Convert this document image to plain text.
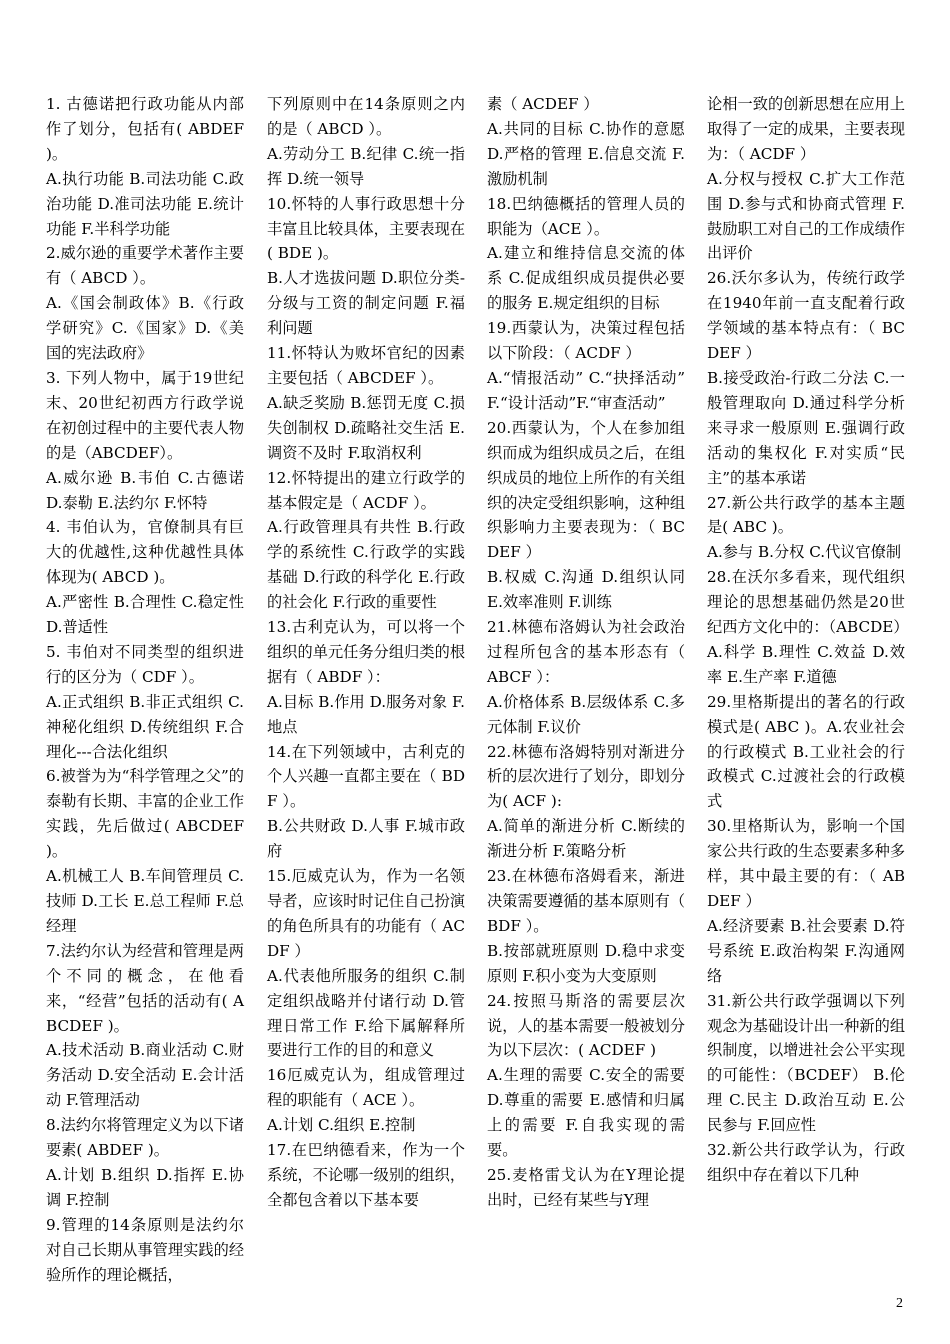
1. 古德诺把行政功能从内部作了划分，包括有( ABDEF )。

A.执行功能 B.司法功能 C.政治功能 D.准司法功能 E.统计功能 F.半科学功能

2.威尔逊的重要学术著作主要有（ ABCD ）。

A.《国会制政体》B.《行政学研究》C.《国家》D.《美国的宪法政府》

3. 下列人物中，属于19世纪末、20世纪初西方行政学说在初创过程中的主要代表人物的是（ABCDEF）。

A.威尔逊 B.韦伯 C.古德诺 D.泰勒 E.法约尔 F.怀特

4. 韦伯认为，官僚制具有巨大的优越性,这种优越性具体体现为( ABCD )。

A.严密性 B.合理性 C.稳定性 D.普适性

5. 韦伯对不同类型的组织进行的区分为（ CDF ）。

A.正式组织 B.非正式组织 C.神秘化组织 D.传统组织 F.合理化---合法化组织

6.被誉为为“科学管理之父”的泰勒有长期、丰富的企业工作实践，先后做过( ABCDEF )。

A.机械工人 B.车间管理员 C.技师 D.工长 E.总工程师 F.总经理

7.法约尔认为经营和管理是两个不同的概念，在他看来，“经营”包括的活动有( ABCDEF )。

A.技术活动 B.商业活动 C.财务活动 D.安全活动 E.会计活动 F.管理活动

8.法约尔将管理定义为以下诸要素( ABDEF )。

A.计划 B.组织 D.指挥 E.协调 F.控制

9.管理的14条原则是法约尔对自己长期从事管理实践的经验所作的理论概括，

下列原则中在14条原则之内的是（ ABCD ）。

A.劳动分工 B.纪律 C.统一指挥 D.统一领导

10.怀特的人事行政思想十分丰富且比较具体，主要表现在( BDE )。

B.人才选拔问题 D.职位分类-分级与工资的制定问题 F.福利问题

11.怀特认为败坏官纪的因素主要包括（ ABCDEF ）。

A.缺乏奖励 B.惩罚无度 C.损失创制权 D.疏略社交生活 E.调资不及时 F.取消权利

12.怀特提出的建立行政学的基本假定是（ ACDF ）。

A.行政管理具有共性 B.行政学的系统性 C.行政学的实践基础 D.行政的科学化 E.行政的社会化 F.行政的重要性

13.古利克认为，可以将一个组织的单元任务分组归类的根据有（ ABDF ）：

A.目标 B.作用 D.服务对象 F.地点

14.在下列领域中，古利克的个人兴趣一直都主要在（ BDF ）。

B.公共财政 D.人事 F.城市政府

15.厄威克认为，作为一名领导者，应该时时记住自己扮演的角色所具有的功能有（ ACDF ）

A.代表他所服务的组织 C.制定组织战略并付诸行动 D.管理日常工作 F.给下属解释所要进行工作的目的和意义

16厄威克认为，组成管理过程的职能有（ ACE ）。

A.计划 C.组织 E.控制

17.在巴纳德看来，作为一个系统，不论哪一级别的组织，全都包含着以下基本要

素（ ACDEF ）

A.共同的目标 C.协作的意愿 D.严格的管理 E.信息交流 F.激励机制

18.巴纳德概括的管理人员的职能为（ACE ）。

A.建立和维持信息交流的体系 C.促成组织成员提供必要的服务 E.规定组织的目标

19.西蒙认为，决策过程包括以下阶段：（ ACDF ）

A.“情报活动” C.“抉择活动” F.“设计活动”F.“审查活动”

20.西蒙认为，个人在参加组织而成为组织成员之后，在组织成员的地位上所作的有关组织的决定受组织影响，这种组织影响力主要表现为：（ BCDEF ）

B.权威 C.沟通 D.组织认同 E.效率准则 F.训练

21.林德布洛姆认为社会政治过程所包含的基本形态有（ ABCF ）：

A.价格体系 B.层级体系 C.多元体制 F.议价

22.林德布洛姆特别对渐进分析的层次进行了划分，即划分为( ACF ):

A.简单的渐进分析 C.断续的渐进分析 F.策略分析

23.在林德布洛姆看来，渐进决策需要遵循的基本原则有（ BDF ）。

B.按部就班原则 D.稳中求变原则 F.积小变为大变原则

24.按照马斯洛的需要层次说，人的基本需要一般被划分为以下层次：( ACDEF )

A.生理的需要 C.安全的需要 D.尊重的需要 E.感情和归属上的需要 F.自我实现的需要。

25.麦格雷戈认为在Y理论提出时，已经有某些与Y理

论相一致的创新思想在应用上取得了一定的成果，主要表现为：（ ACDF ）

A.分权与授权 C.扩大工作范围 D.参与式和协商式管理 F.鼓励职工对自己的工作成绩作出评价

26.沃尔多认为，传统行政学在1940年前一直支配着行政学领域的基本特点有：（ BCDEF ）

B.接受政治-行政二分法 C.一般管理取向 D.通过科学分析来寻求一般原则 E.强调行政活动的集权化 F.对实质“民主”的基本承诺

27.新公共行政学的基本主题是( ABC )。

A.参与 B.分权 C.代议官僚制

28.在沃尔多看来，现代组织理论的思想基础仍然是20世纪西方文化中的：（ABCDE）

A.科学 B.理性 C.效益 D.效率 E.生产率 F.道德

29.里格斯提出的著名的行政模式是( ABC )。A.农业社会的行政模式 B.工业社会的行政模式 C.过渡社会的行政模式

30.里格斯认为，影响一个国家公共行政的生态要素多种多样，其中最主要的有：（ ABDEF ）

A.经济要素 B.社会要素 D.符号系统 E.政治构架 F.沟通网络

31.新公共行政学强调以下列观念为基础设计出一种新的组织制度，以增进社会公平实现的可能性：（BCDEF） B.伦理 C.民主 D.政治互动 E.公民参与 F.回应性

32.新公共行政学认为，行政组织中存在着以下几种

2
